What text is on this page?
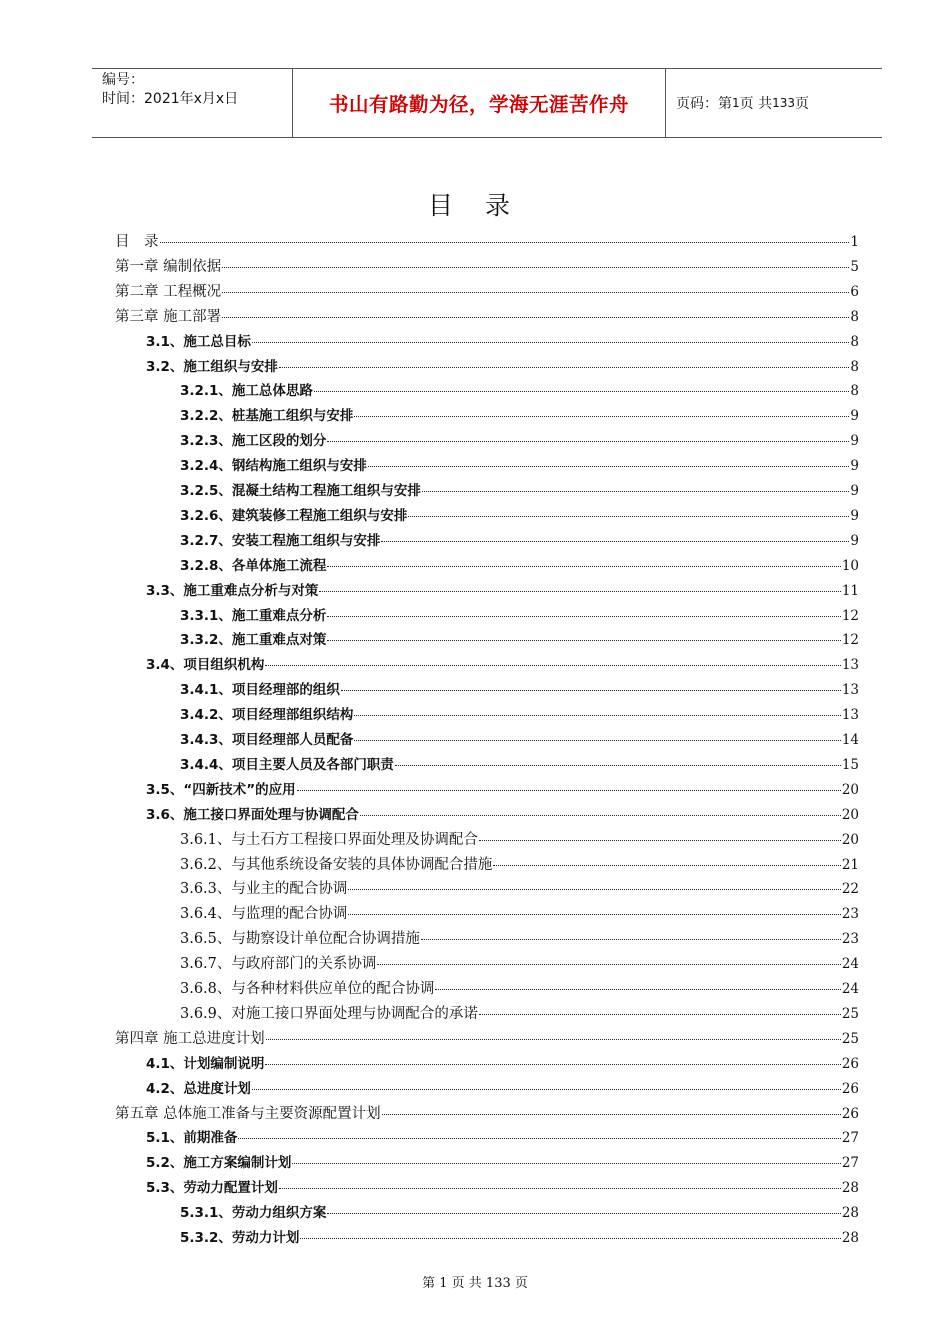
编号：
时间：2021年x月x日	书山有路勤为径，学海无涯苦作舟	页码：第 1 页 共 133 页
目 录
目　录	1
第一章 编制依据	5
第二章 工程概况	6
第三章 施工部署	8
3.1、施工总目标	8
3.2、施工组织与安排	8
3.2.1、施工总体思路	8
3.2.2、桩基施工组织与安排	9
3.2.3、施工区段的划分	9
3.2.4、钢结构施工组织与安排	9
3.2.5、混凝土结构工程施工组织与安排	9
3.2.6、建筑装修工程施工组织与安排	9
3.2.7、安装工程施工组织与安排	9
3.2.8、各单体施工流程	10
3.3、施工重难点分析与对策	11
3.3.1、施工重难点分析	12
3.3.2、施工重难点对策	12
3.4、项目组织机构	13
3.4.1、项目经理部的组织	13
3.4.2、项目经理部组织结构	13
3.4.3、项目经理部人员配备	14
3.4.4、项目主要人员及各部门职责	15
3.5、“四新技术”的应用	20
3.6、施工接口界面处理与协调配合	20
3.6.1、与土石方工程接口界面处理及协调配合	20
3.6.2、与其他系统设备安装的具体协调配合措施	21
3.6.3、与业主的配合协调	22
3.6.4、与监理的配合协调	23
3.6.5、与勘察设计单位配合协调措施	23
3.6.7、与政府部门的关系协调	24
3.6.8、与各种材料供应单位的配合协调	24
3.6.9、对施工接口界面处理与协调配合的承诺	25
第四章 施工总进度计划	25
4.1、计划编制说明	26
4.2、总进度计划	26
第五章 总体施工准备与主要资源配置计划	26
5.1、前期准备	27
5.2、施工方案编制计划	27
5.3、劳动力配置计划	28
5.3.1、劳动力组织方案	28
5.3.2、劳动力计划	28
第 1 页 共 133 页
